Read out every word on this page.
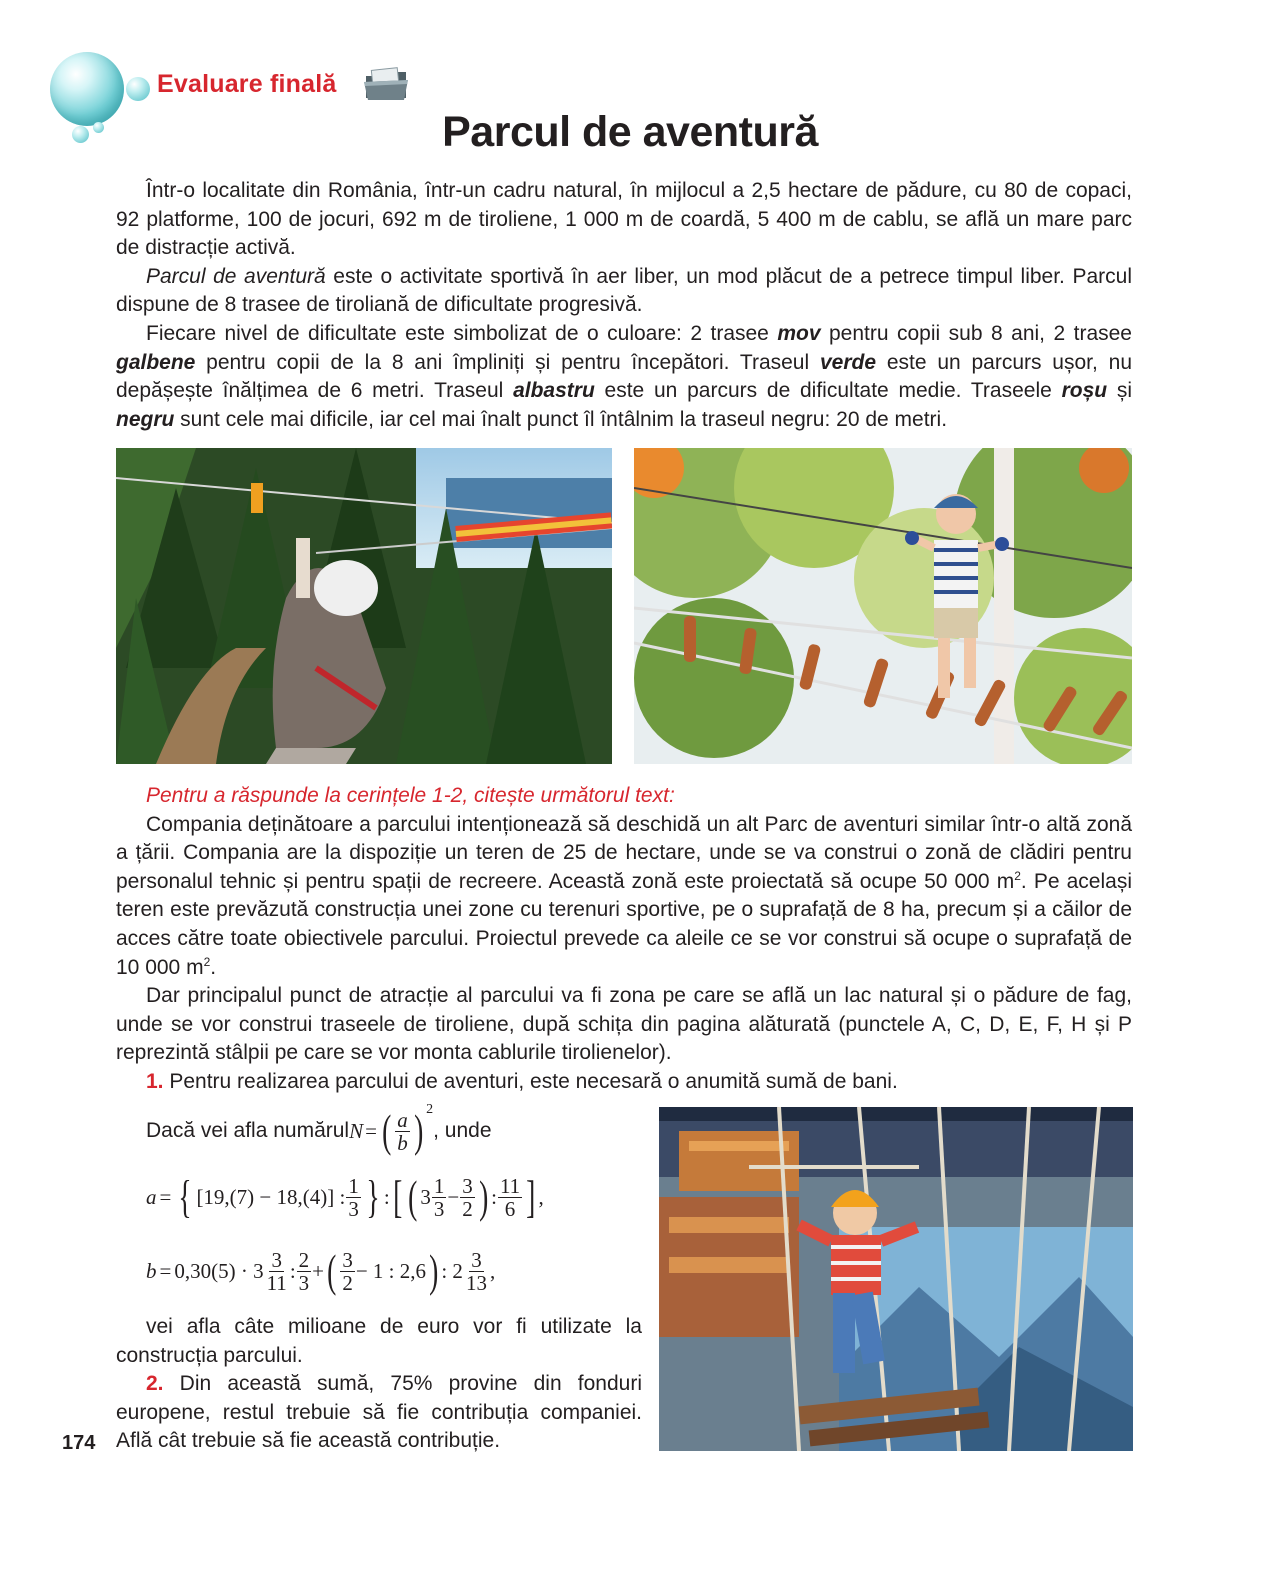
Evaluare finală
Parcul de aventură

Într-o localitate din România, într-un cadru natural, în mijlocul a 2,5 hectare de pădure, cu 80 de copaci, 92 platforme, 100 de jocuri, 692 m de tiroliene, 1 000 m de coardă, 5 400 m de cablu, se află un mare parc de distracție activă.

Parcul de aventură este o activitate sportivă în aer liber, un mod plăcut de a petrece timpul liber. Parcul dispune de 8 trasee de tiroliană de dificultate progresivă.

Fiecare nivel de dificultate este simbolizat de o culoare: 2 trasee mov pentru copii sub 8 ani, 2 trasee galbene pentru copii de la 8 ani împliniți și pentru începători. Traseul verde este un parcurs ușor, nu depășește înălțimea de 6 metri. Traseul albastru este un parcurs de dificultate medie. Traseele roșu și negru sunt cele mai dificile, iar cel mai înalt punct îl întâlnim la traseul negru: 20 de metri.

Pentru a răspunde la cerințele 1-2, citește următorul text:

Compania deținătoare a parcului intenționează să deschidă un alt Parc de aventuri similar într-o altă zonă a țării. Compania are la dispoziție un teren de 25 de hectare, unde se va construi o zonă de clădiri pentru personalul tehnic și pentru spații de recreere. Această zonă este proiectată să ocupe 50 000 $m^2$. Pe același teren este prevăzută construcția unei zone cu terenuri sportive, pe o suprafață de 8 ha, precum și a căilor de acces către toate obiectivele parcului. Proiectul prevede ca aleile ce se vor construi să ocupe o suprafață de 10 000 $m^2$.

Dar principalul punct de atracție al parcului va fi zona pe care se află un lac natural și o pădure de fag, unde se vor construi traseele de tiroliene, după schița din pagina alăturată (punctele A, C, D, E, F, H și P reprezintă stâlpii pe care se vor monta cablurile tirolienelor).

1. Pentru realizarea parcului de aventuri, este necesară o anumită sumă de bani.

Dacă vei afla numărul N = ( $\frac{a}{b} )^2$
, unde
a = { [19,(7) − 18,(4)] : $\frac{1}{3}$ } : [ ( $3 \frac{1}{3} - \frac{3}{2}$ ) : $\frac{11}{6}$ ] ,
$b = 0,30(5) \cdot 3 \frac{3}{11}$ : $\frac{2}{3}$ + ( $\frac{3}{2} - 1$ : 2,6 ) : $2 \frac{3}{13}$ ,

vei afla câte milioane de euro vor fi utilizate la construcția parcului.

2. Din această sumă, 75% provine din fonduri europene, restul trebuie să fie contribuția companiei. Află cât trebuie să fie această contribuție.

174
